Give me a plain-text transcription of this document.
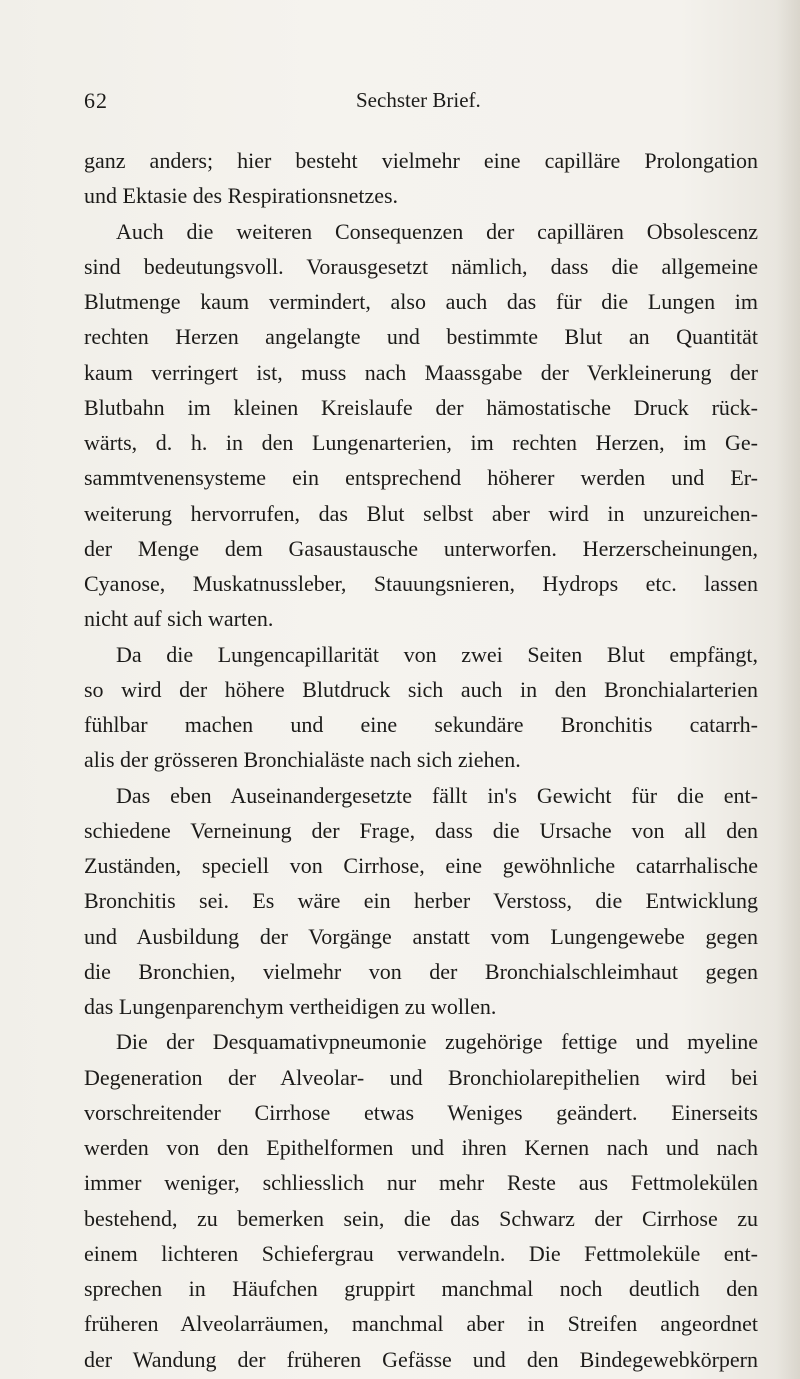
62	Sechster Brief.
ganz anders; hier besteht vielmehr eine capilläre Prolongation
und Ektasie des Respirationsnetzes.
Auch die weiteren Consequenzen der capillären Obsolescenz
sind bedeutungsvoll. Vorausgesetzt nämlich, dass die allgemeine
Blutmenge kaum vermindert, also auch das für die Lungen im
rechten Herzen angelangte und bestimmte Blut an Quantität
kaum verringert ist, muss nach Maassgabe der Verkleinerung der
Blutbahn im kleinen Kreislaufe der hämostatische Druck rück-
wärts, d. h. in den Lungenarterien, im rechten Herzen, im Ge-
sammtvenensysteme ein entsprechend höherer werden und Er-
weiterung hervorrufen, das Blut selbst aber wird in unzureichen-
der Menge dem Gasaustausche unterworfen. Herzerscheinungen,
Cyanose, Muskatnussleber, Stauungsnieren, Hydrops etc. lassen
nicht auf sich warten.
Da die Lungencapillarität von zwei Seiten Blut empfängt,
so wird der höhere Blutdruck sich auch in den Bronchialarterien
fühlbar machen und eine sekundäre Bronchitis catarrh-
alis der grösseren Bronchialäste nach sich ziehen.
Das eben Auseinandergesetzte fällt in's Gewicht für die ent-
schiedene Verneinung der Frage, dass die Ursache von all den
Zuständen, speciell von Cirrhose, eine gewöhnliche catarrhalische
Bronchitis sei. Es wäre ein herber Verstoss, die Entwicklung
und Ausbildung der Vorgänge anstatt vom Lungengewebe gegen
die Bronchien, vielmehr von der Bronchialschleimhaut gegen
das Lungenparenchym vertheidigen zu wollen.
Die der Desquamativpneumonie zugehörige fettige und myeline
Degeneration der Alveolar- und Bronchiolarepithelien wird bei
vorschreitender Cirrhose etwas Weniges geändert. Einerseits
werden von den Epithelformen und ihren Kernen nach und nach
immer weniger, schliesslich nur mehr Reste aus Fettmolekülen
bestehend, zu bemerken sein, die das Schwarz der Cirrhose zu
einem lichteren Schiefergrau verwandeln. Die Fettmoleküle ent-
sprechen in Häufchen gruppirt manchmal noch deutlich den
früheren Alveolarräumen, manchmal aber in Streifen angeordnet
der Wandung der früheren Gefässe und den Bindegewebkörpern
